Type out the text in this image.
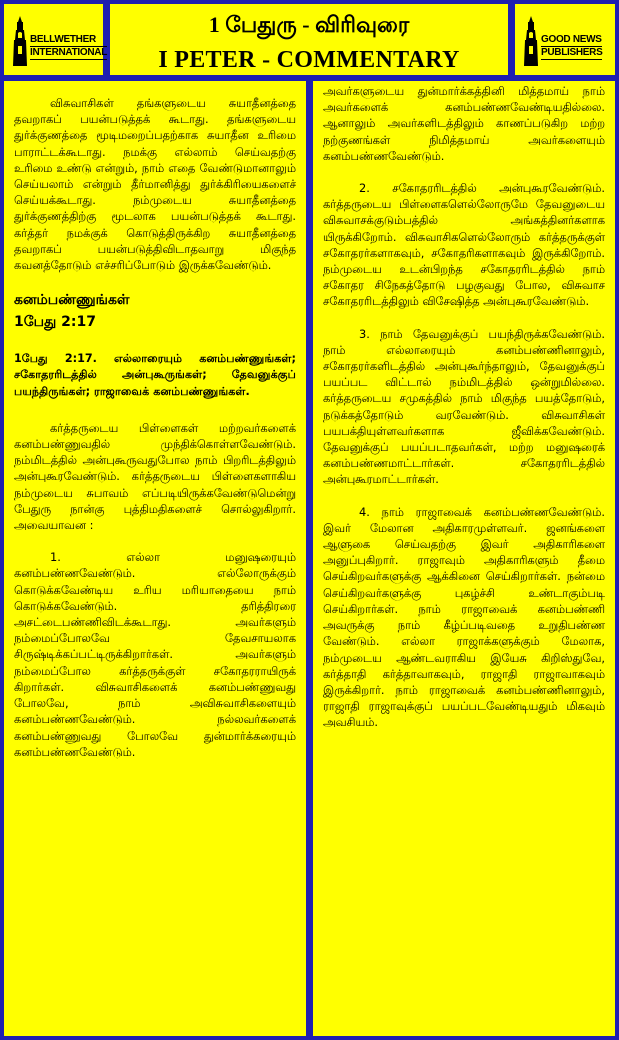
BELLWETHER
INTERNATIONAL
1 பேதுரு - விரிவுரை
I PETER - COMMENTARY
GOOD NEWS
PUBLISHERS

விசுவாசிகள் தங்களுடைய சுயாதீனத்தை தவறாகப் பயன்படுத்தக் கூடாது. தங்களுடைய துர்க்குணத்தை மூடிமறைப்பதற்காக சுயாதீன உரிமை பாராட்டக்கூடாது. நமக்கு எல்லாம் செய்வதற்கு உரிமை உண்டு என்றும், நாம் எதை வேண்டுமானாலும் செய்யலாம் என்றும் தீர்மானித்து துர்க்கிரியைகளைச் செய்யக்கூடாது. நம்முடைய சுயாதீனத்தை துர்க்குணத்திற்கு மூடலாக பயன்படுத்தக் கூடாது. கர்த்தர் நமக்குக் கொடுத்திருக்கிற சுயாதீனத்தை தவறாகப் பயன்படுத்திவிடாதவாறு மிகுந்த கவனத்தோடும் எச்சரிப்போடும் இருக்கவேண்டும்.

கனம்பண்ணுங்கள்
1பேது 2:17

1பேது 2:17. எல்லாரையும் கனம்பண்ணுங்கள்; சகோதரரிடத்தில் அன்புகூருங்கள்; தேவனுக்குப் பயந்திருங்கள்; ராஜாவைக் கனம்பண்ணுங்கள்.

கர்த்தருடைய பிள்ளைகள் மற்றவர்களைக் கனம்பண்ணுவதில் முந்திக்கொள்ளவேண்டும். நம்மிடத்தில் அன்புகூருவதுபோல நாம் பிறரிடத்திலும் அன்புகூரவேண்டும். கர்த்தருடைய பிள்ளைகளாகிய நம்முடைய சுபாவம் எப்படியிருக்கவேண்டுமென்று பேதுரு நான்கு புத்திமதிகளைச் சொல்லுகிறார். அவையாவன :

1. எல்லா மனுஷரையும் கனம்பண்ணவேண்டும். எல்லோருக்கும் கொடுக்கவேண்டிய உரிய மரியாதையை நாம் கொடுக்கவேண்டும். தரித்திரரை அசட்டைபண்ணிவிடக்கூடாது. அவர்களும் நம்மைப்போலவே தேவசாயலாக சிருஷ்டிக்கப்பட்டிருக்கிறார்கள். அவர்களும் நம்மைப்போல கர்த்தருக்குள் சகோதரராயிருக் கிறார்கள். விசுவாசிகளைக் கனம்பண்ணுவது போலவே, நாம் அவிசுவாசிகளையும் கனம்பண்ணவேண்டும். நல்லவர்களைக் கனம்பண்ணுவது போலவே துன்மார்க்கரையும் கனம்பண்ணவேண்டும்.

அவர்களுடைய துன்மார்க்கத்தினி மித்தமாய் நாம் அவர்களைக் கனம்பண்ணவேண்டியதில்லை. ஆனாலும் அவர்களிடத்திலும் காணப்படுகிற மற்ற நற்குணங்கள் நிமித்தமாய் அவர்களையும் கனம்பண்ணவேண்டும்.

2. சகோதரரிடத்தில் அன்புகூரவேண்டும். கர்த்தருடைய பிள்ளைகளெல்லோருமே தேவனுடைய விசுவாசக்குடும்பத்தில் அங்கத்தினர்களாக யிருக்கிறோம். விசுவாசிகளெல்லோரும் கர்த்தருக்குள் சகோதரர்களாகவும், சகோதரிகளாகவும் இருக்கிறோம். நம்முடைய உடன்பிறந்த சகோதரரிடத்தில் நாம் சகோதர சிநேகத்தோடு பழகுவது போல, விசுவாச சகோதரரிடத்திலும் விசேஷித்த அன்புகூரவேண்டும்.

3. நாம் தேவனுக்குப் பயந்திருக்கவேண்டும். நாம் எல்லாரையும் கனம்பண்ணினாலும், சகோதரர்களிடத்தில் அன்புகூர்ந்தாலும், தேவனுக்குப் பயப்பட விட்டால் நம்மிடத்தில் ஒன்றுமில்லை. கர்த்தருடைய சமுகத்தில் நாம் மிகுந்த பயத்தோடும், நடுக்கத்தோடும் வரவேண்டும். விசுவாசிகள் பயபக்தியுள்ளவர்களாக ஜீவிக்கவேண்டும். தேவனுக்குப் பயப்படாதவர்கள், மற்ற மனுஷரைக் கனம்பண்ணமாட்டார்கள். சகோதரரிடத்தில் அன்புகூரமாட்டார்கள்.

4. நாம் ராஜாவைக் கனம்பண்ணவேண்டும். இவர் மேலான அதிகாரமுள்ளவர். ஜனங்களை ஆளுகை செய்வதற்கு இவர் அதிகாரிகளை அனுப்புகிறார். ராஜாவும் அதிகாரிகளும் தீமை செய்கிறவர்களுக்கு ஆக்கினை செய்கிறார்கள். நன்மை செய்கிறவர்களுக்கு புகழ்ச்சி உண்டாகும்படி செய்கிறார்கள். நாம் ராஜாவைக் கனம்பண்ணி அவருக்கு நாம் கீழ்ப்படிவதை உறுதிபண்ண வேண்டும். எல்லா ராஜாக்களுக்கும் மேலாக, நம்முடைய ஆண்டவராகிய இயேசு கிறிஸ்துவே, கர்த்தாதி கர்த்தாவாகவும், ராஜாதி ராஜாவாகவும் இருக்கிறார். நாம் ராஜாவைக் கனம்பண்ணினாலும், ராஜாதி ராஜாவுக்குப் பயப்படவேண்டியதும் மிகவும் அவசியம்.
